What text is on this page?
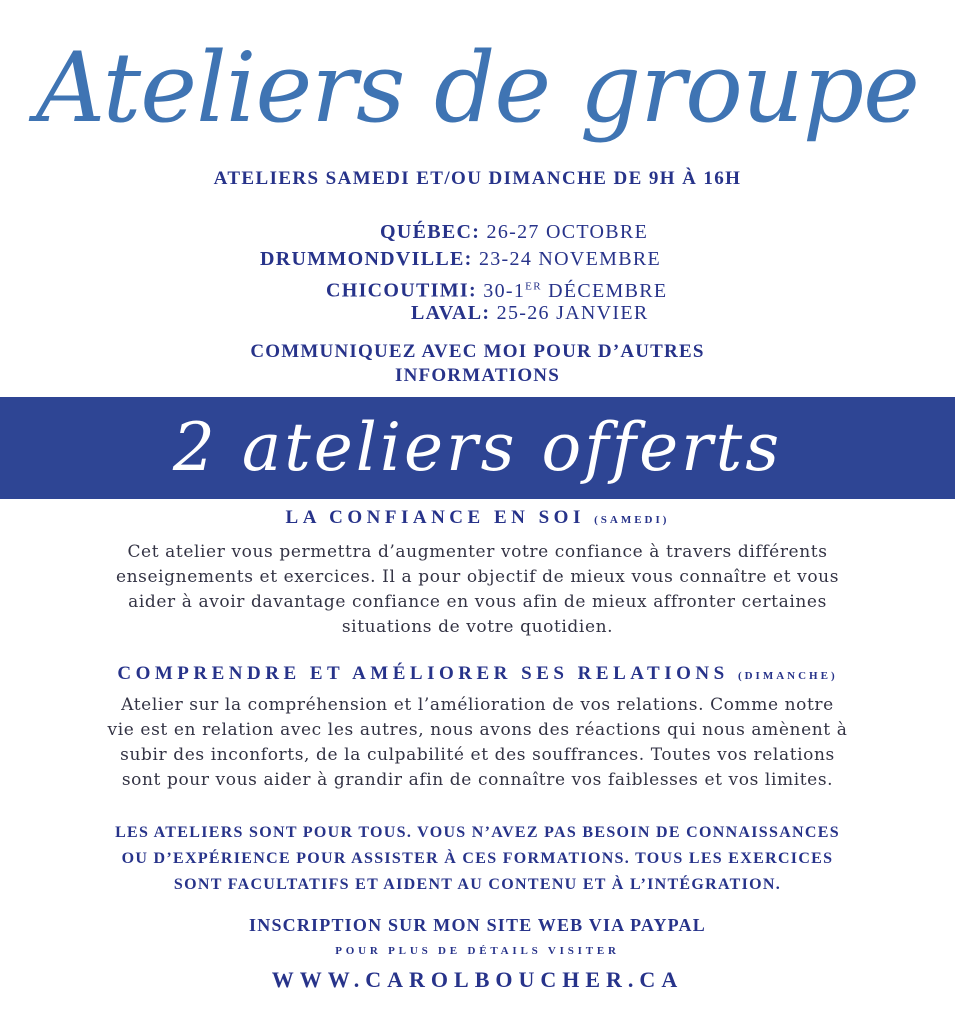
Ateliers de groupe
ATELIERS SAMEDI ET/OU DIMANCHE DE 9H À 16H
QUÉBEC: 26-27 OCTOBRE
DRUMMONDVILLE: 23-24 NOVEMBRE
CHICOUTIMI: 30-1ER DÉCEMBRE
LAVAL: 25-26 JANVIER
COMMUNIQUEZ AVEC MOI POUR D’AUTRES
INFORMATIONS
2 ateliers offerts
LA CONFIANCE EN SOI (SAMEDI)
Cet atelier vous permettra d’augmenter votre confiance à travers différents
enseignements et exercices. Il a pour objectif de mieux vous connaître et vous
aider à avoir davantage confiance en vous afin de mieux affronter certaines
situations de votre quotidien.
COMPRENDRE ET AMÉLIORER SES RELATIONS (DIMANCHE)
Atelier sur la compréhension et l’amélioration de vos relations. Comme notre
vie est en relation avec les autres, nous avons des réactions qui nous amènent à
subir des inconforts, de la culpabilité et des souffrances. Toutes vos relations
sont pour vous aider à grandir afin de connaître vos faiblesses et vos limites.
LES ATELIERS SONT POUR TOUS. VOUS N’AVEZ PAS BESOIN DE CONNAISSANCES
OU D’EXPÉRIENCE POUR ASSISTER À CES FORMATIONS. TOUS LES EXERCICES
SONT FACULTATIFS ET AIDENT AU CONTENU ET À L’INTÉGRATION.
INSCRIPTION SUR MON SITE WEB VIA PAYPAL
POUR PLUS DE DÉTAILS VISITER
WWW.CAROLBOUCHER.CA
